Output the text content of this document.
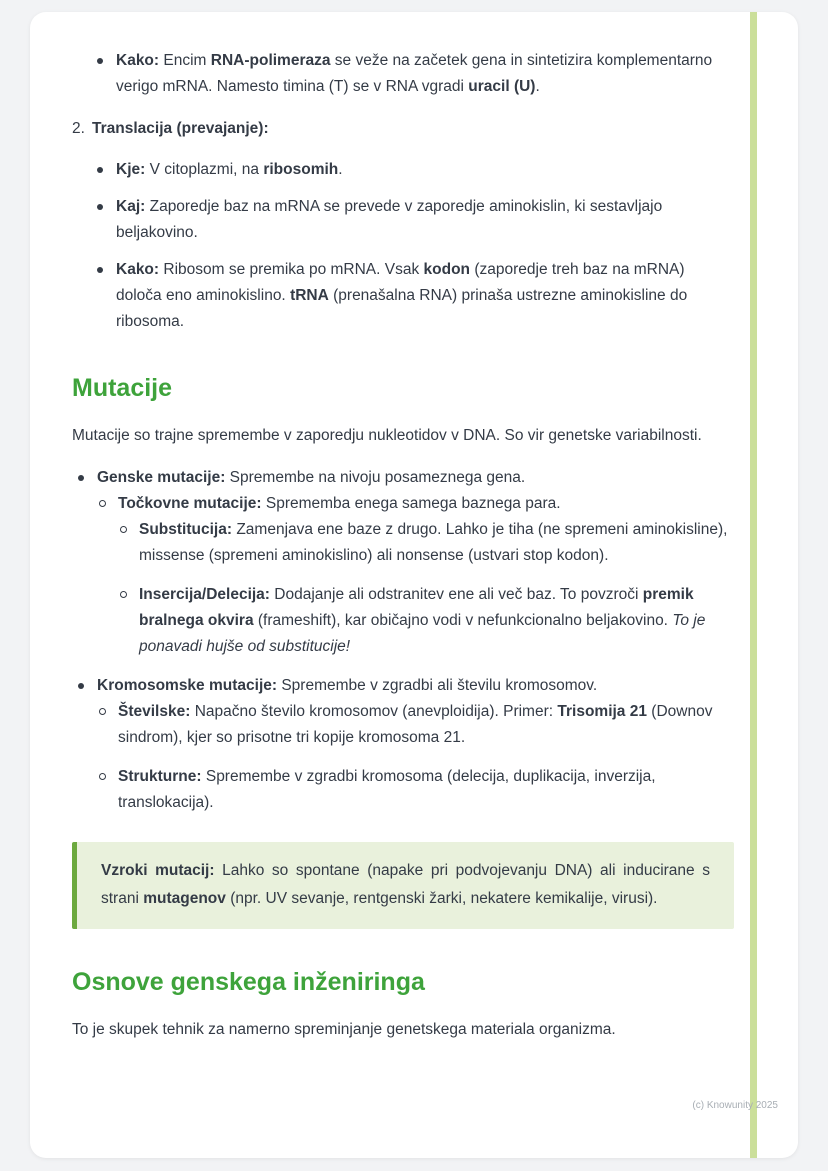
Kako: Encim RNA-polimeraza se veže na začetek gena in sintetizira komplementarno verigo mRNA. Namesto timina (T) se v RNA vgradi uracil (U).
2. Translacija (prevajanje):
Kje: V citoplazmi, na ribosomih.
Kaj: Zaporedje baz na mRNA se prevede v zaporedje aminokislin, ki sestavljajo beljakovino.
Kako: Ribosom se premika po mRNA. Vsak kodon (zaporedje treh baz na mRNA) določa eno aminokislino. tRNA (prenašalna RNA) prinaša ustrezne aminokisline do ribosoma.
Mutacije

Mutacije so trajne spremembe v zaporedju nukleotidov v DNA. So vir genetske variabilnosti.

Genske mutacije: Spremembe na nivoju posameznega gena.
Točkovne mutacije: Sprememba enega samega baznega para.
Substitucija: Zamenjava ene baze z drugo. Lahko je tiha (ne spremeni aminokisline), missense (spremeni aminokislino) ali nonsense (ustvari stop kodon).
Insercija/Delecija: Dodajanje ali odstranitev ene ali več baz. To povzroči premik bralnega okvira (frameshift), kar običajno vodi v nefunkcionalno beljakovino. To je ponavadi hujše od substitucije!
Kromosomske mutacije: Spremembe v zgradbi ali številu kromosomov.
Številske: Napačno število kromosomov (anevploidija). Primer: Trisomija 21 (Downov sindrom), kjer so prisotne tri kopije kromosoma 21.
Strukturne: Spremembe v zgradbi kromosoma (delecija, duplikacija, inverzija, translokacija).
Vzroki mutacij: Lahko so spontane (napake pri podvojevanju DNA) ali inducirane s strani mutagenov (npr. UV sevanje, rentgenski žarki, nekatere kemikalije, virusi).
Osnove genskega inženiringa

To je skupek tehnik za namerno spreminjanje genetskega materiala organizma.

(c) Knowunity 2025
